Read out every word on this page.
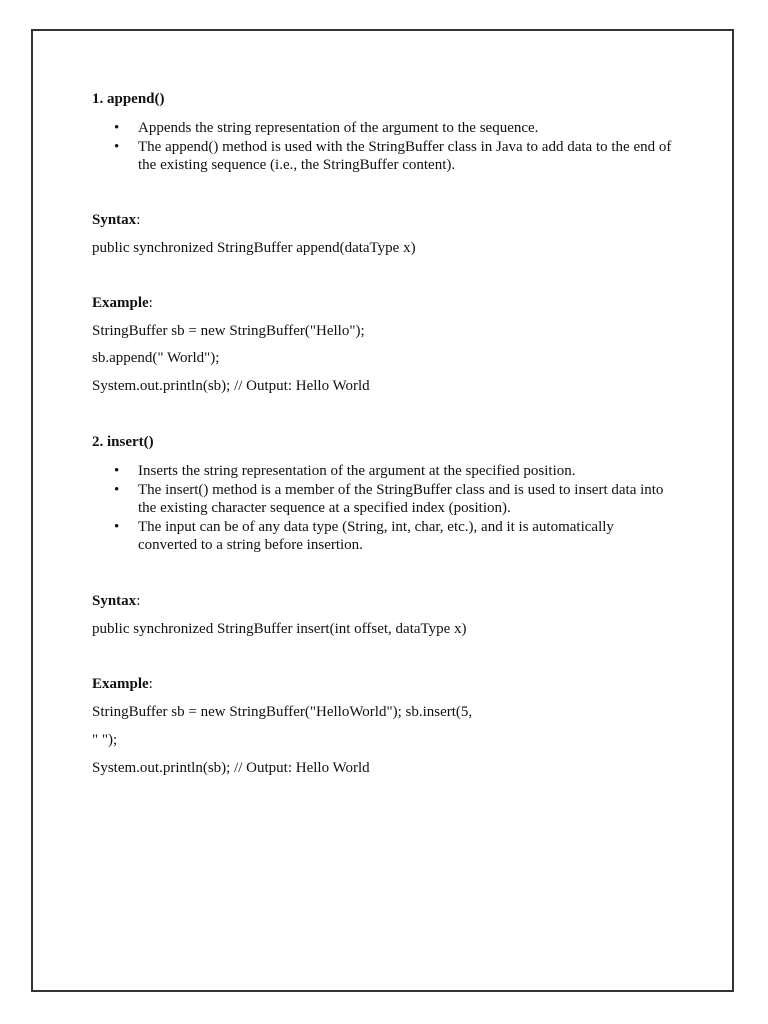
1. append()
• Appends the string representation of the argument to the sequence.
• The append() method is used with the StringBuffer class in Java to add data to the end of the existing sequence (i.e., the StringBuffer content).
Syntax:
public synchronized StringBuffer append(dataType x)
Example:
StringBuffer sb = new StringBuffer("Hello");
sb.append(" World");
System.out.println(sb); // Output: Hello World
2. insert()
• Inserts the string representation of the argument at the specified position.
• The insert() method is a member of the StringBuffer class and is used to insert data into the existing character sequence at a specified index (position).
• The input can be of any data type (String, int, char, etc.), and it is automatically converted to a string before insertion.
Syntax:
public synchronized StringBuffer insert(int offset, dataType x)
Example:
StringBuffer sb = new StringBuffer("HelloWorld"); sb.insert(5,
" ");
System.out.println(sb); // Output: Hello World
